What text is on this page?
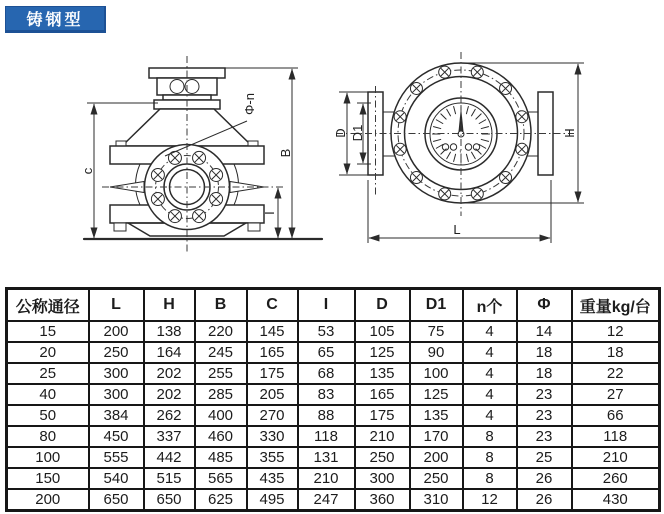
铸钢型
c
B
I
Φ-n
,
D D1	H
L
公称通径	L	H	B	C	I	D	D1	n个	Φ	重量kg/台
15	200	138	220	145	53	105	75	4	14	12
20	250	164	245	165	65	125	90	4	18	18
25	300	202	255	175	68	135	100	4	18	22
40	300	202	285	205	83	165	125	4	23	27
50	384	262	400	270	88	175	135	4	23	66
80	450	337	460	330	118	210	170	8	23	118
100	555	442	485	355	131	250	200	8	25	210
150	540	515	565	435	210	300	250	8	26	260
200	650	650	625	495	247	360	310	12	26	430
